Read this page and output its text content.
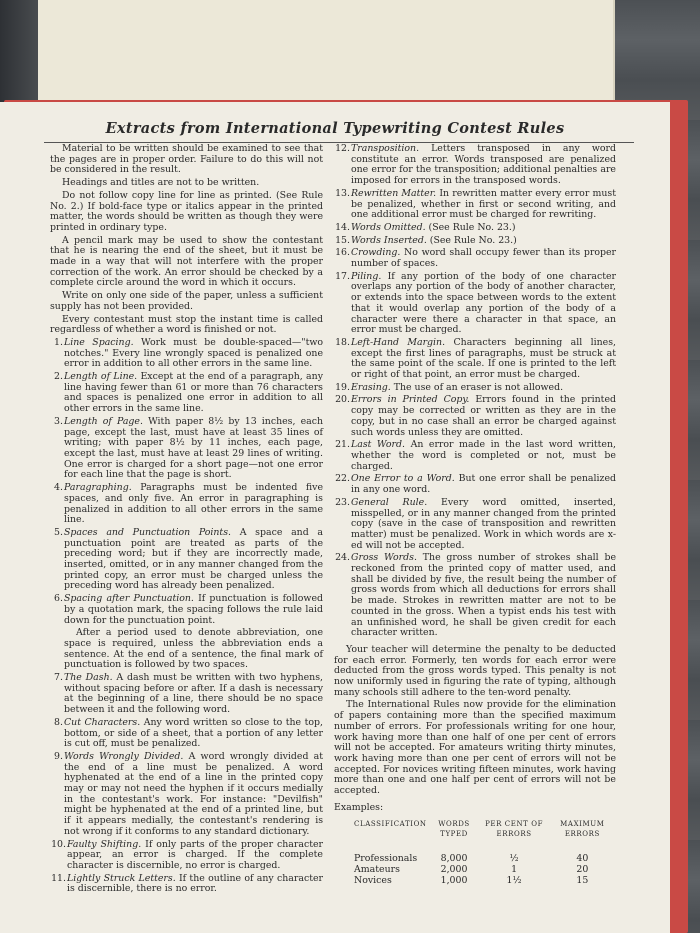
Extracts from International Typewriting Contest Rules

Material to be written should be examined to see that the pages are in proper order. Failure to do this will not be considered in the result.

Headings and titles are not to be written.

Do not follow copy line for line as printed. (See Rule No. 2.) If bold-face type or italics appear in the printed matter, the words should be written as though they were printed in ordinary type.

A pencil mark may be used to show the contestant that he is nearing the end of the sheet, but it must be made in a way that will not interfere with the proper correction of the work. An error should be checked by a complete circle around the word in which it occurs.

Write on only one side of the paper, unless a sufficient supply has not been provided.

Every contestant must stop the instant time is called regardless of whether a word is finished or not.

1. Line Spacing. Work must be double-spaced—"two notches." Every line wrongly spaced is penalized one error in addition to all other errors in the same line.
2. Length of Line. Except at the end of a paragraph, any line having fewer than 61 or more than 76 characters and spaces is penalized one error in addition to all other errors in the same line.
3. Length of Page. With paper 8½ by 13 inches, each page, except the last, must have at least 35 lines of writing; with paper 8½ by 11 inches, each page, except the last, must have at least 29 lines of writing. One error is charged for a short page—not one error for each line that the page is short.
4. Paragraphing. Paragraphs must be indented five spaces, and only five. An error in paragraphing is penalized in addition to all other errors in the same line.
5. Spaces and Punctuation Points. A space and a punctuation point are treated as parts of the preceding word; but if they are incorrectly made, inserted, omitted, or in any manner changed from the printed copy, an error must be charged unless the preceding word has already been penalized.
6. Spacing after Punctuation. If punctuation is followed by a quotation mark, the spacing follows the rule laid down for the punctuation point.
After a period used to denote abbreviation, one space is required, unless the abbreviation ends a sentence. At the end of a sentence, the final mark of punctuation is followed by two spaces.
7. The Dash. A dash must be written with two hyphens, without spacing before or after. If a dash is necessary at the beginning of a line, there should be no space between it and the following word.
8. Cut Characters. Any word written so close to the top, bottom, or side of a sheet, that a portion of any letter is cut off, must be penalized.
9. Words Wrongly Divided. A word wrongly divided at the end of a line must be penalized. A word hyphenated at the end of a line in the printed copy may or may not need the hyphen if it occurs medially in the contestant's work. For instance: "Devilfish" might be hyphenated at the end of a printed line, but if it appears medially, the contestant's rendering is not wrong if it conforms to any standard dictionary.
10. Faulty Shifting. If only parts of the proper character appear, an error is charged. If the complete character is discernible, no error is charged.
11. Lightly Struck Letters. If the outline of any character is discernible, there is no error.
12. Transposition. Letters transposed in any word constitute an error. Words transposed are penalized one error for the transposition; additional penalties are imposed for errors in the transposed words.
13. Rewritten Matter. In rewritten matter every error must be penalized, whether in first or second writing, and one additional error must be charged for rewriting.
14. Words Omitted. (See Rule No. 23.)
15. Words Inserted. (See Rule No. 23.)
16. Crowding. No word shall occupy fewer than its proper number of spaces.
17. Piling. If any portion of the body of one character overlaps any portion of the body of another character, or extends into the space between words to the extent that it would overlap any portion of the body of a character were there a character in that space, an error must be charged.
18. Left-Hand Margin. Characters beginning all lines, except the first lines of paragraphs, must be struck at the same point of the scale. If one is printed to the left or right of that point, an error must be charged.
19. Erasing. The use of an eraser is not allowed.
20. Errors in Printed Copy. Errors found in the printed copy may be corrected or written as they are in the copy, but in no case shall an error be charged against such words unless they are omitted.
21. Last Word. An error made in the last word written, whether the word is completed or not, must be charged.
22. One Error to a Word. But one error shall be penalized in any one word.
23. General Rule. Every word omitted, inserted, misspelled, or in any manner changed from the printed copy (save in the case of transposition and rewritten matter) must be penalized. Work in which words are x-ed will not be accepted.
24. Gross Words. The gross number of strokes shall be reckoned from the printed copy of matter used, and shall be divided by five, the result being the number of gross words from which all deductions for errors shall be made. Strokes in rewritten matter are not to be counted in the gross. When a typist ends his test with an unfinished word, he shall be given credit for each character written.

Your teacher will determine the penalty to be deducted for each error. Formerly, ten words for each error were deducted from the gross words typed. This penalty is not now uniformly used in figuring the rate of typing, although many schools still adhere to the ten-word penalty.

The International Rules now provide for the elimination of papers containing more than the specified maximum number of errors. For professionals writing for one hour, work having more than one half of one per cent of errors will not be accepted. For amateurs writing thirty minutes, work having more than one per cent of errors will not be accepted. For novices writing fifteen minutes, work having more than one and one half per cent of errors will not be accepted.

Examples:
CLASSIFICATION	WORDS TYPED	PER CENT OF ERRORS	MAXIMUM ERRORS
Professionals	8,000	½	40
Amateurs	2,000	1	20
Novices	1,000	1½	15
